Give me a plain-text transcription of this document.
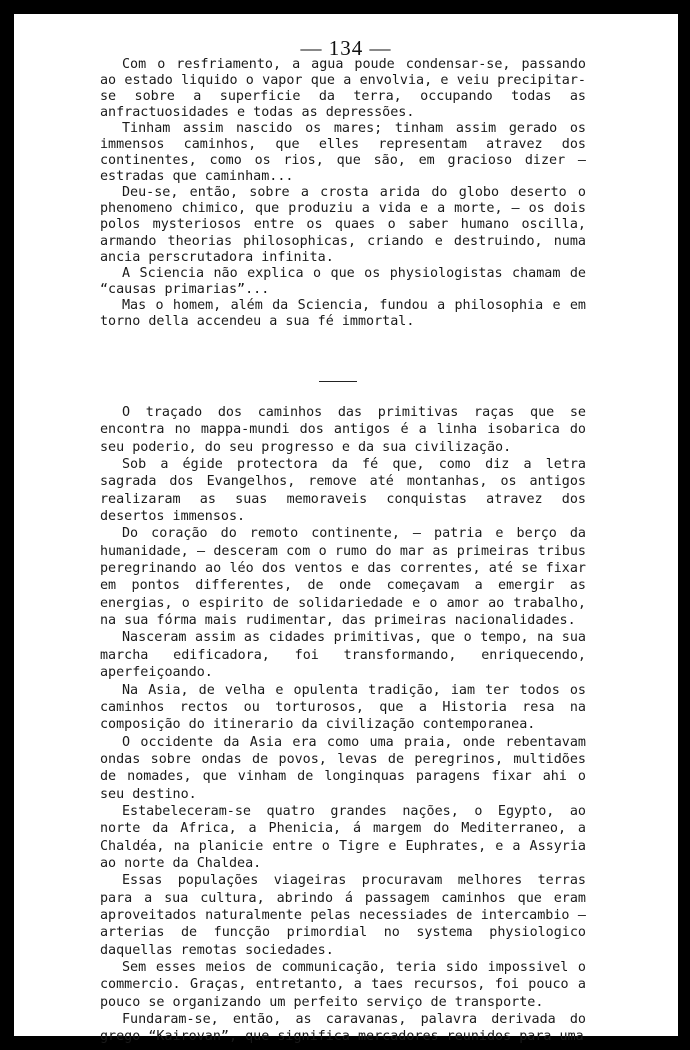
— 134 —

Com o resfriamento, a agua poude condensar-se, passando ao estado liquido o vapor que a envolvia, e veiu precipitar-se sobre a superficie da terra, occupando todas as anfractuosidades e todas as depressões.

Tinham assim nascido os mares; tinham assim gerado os immensos caminhos, que elles representam atravez dos continentes, como os rios, que são, em gracioso dizer — estradas que caminham...

Deu-se, então, sobre a crosta arida do globo deserto o phenomeno chimico, que produziu a vida e a morte, — os dois polos mysteriosos entre os quaes o saber humano oscilla, armando theorias philosophicas, criando e destruindo, numa ancia perscrutadora infinita.

A Sciencia não explica o que os physiologistas chamam de “causas primarias”...

Mas o homem, além da Sciencia, fundou a philosophia e em torno della accendeu a sua fé immortal.

O traçado dos caminhos das primitivas raças que se encontra no mappa-mundi dos antigos é a linha isobarica do seu poderio, do seu progresso e da sua civilização.

Sob a égide protectora da fé que, como diz a letra sagrada dos Evangelhos, remove até montanhas, os antigos realizaram as suas memoraveis conquistas atravez dos desertos immensos.

Do coração do remoto continente, — patria e berço da humanidade, — desceram com o rumo do mar as primeiras tribus peregrinando ao léo dos ventos e das correntes, até se fixar em pontos differentes, de onde começavam a emergir as energias, o espirito de solidariedade e o amor ao trabalho, na sua fórma mais rudimentar, das primeiras nacionalidades.

Nasceram assim as cidades primitivas, que o tempo, na sua marcha edificadora, foi transformando, enriquecendo, aperfeiçoando.

Na Asia, de velha e opulenta tradição, iam ter todos os caminhos rectos ou torturosos, que a Historia resa na composição do itinerario da civilização contemporanea.

O occidente da Asia era como uma praia, onde rebentavam ondas sobre ondas de povos, levas de peregrinos, multidões de nomades, que vinham de longinquas paragens fixar ahi o seu destino.

Estabeleceram-se quatro grandes nações, o Egypto, ao norte da Africa, a Phenicia, á margem do Mediterraneo, a Chaldéa, na planicie entre o Tigre e Euphrates, e a Assyria ao norte da Chaldea.

Essas populações viageiras procuravam melhores terras para a sua cultura, abrindo á passagem caminhos que eram aproveitados naturalmente pelas necessiades de intercambio — arterias de funcção primordial no systema physiologico daquellas remotas sociedades.

Sem esses meios de communicação, teria sido impossivel o commercio. Graças, entretanto, a taes recursos, foi pouco a pouco se organizando um perfeito serviço de transporte.

Fundaram-se, então, as caravanas, palavra derivada do grego “Kairovan”, que significa mercadores reunidos para uma
